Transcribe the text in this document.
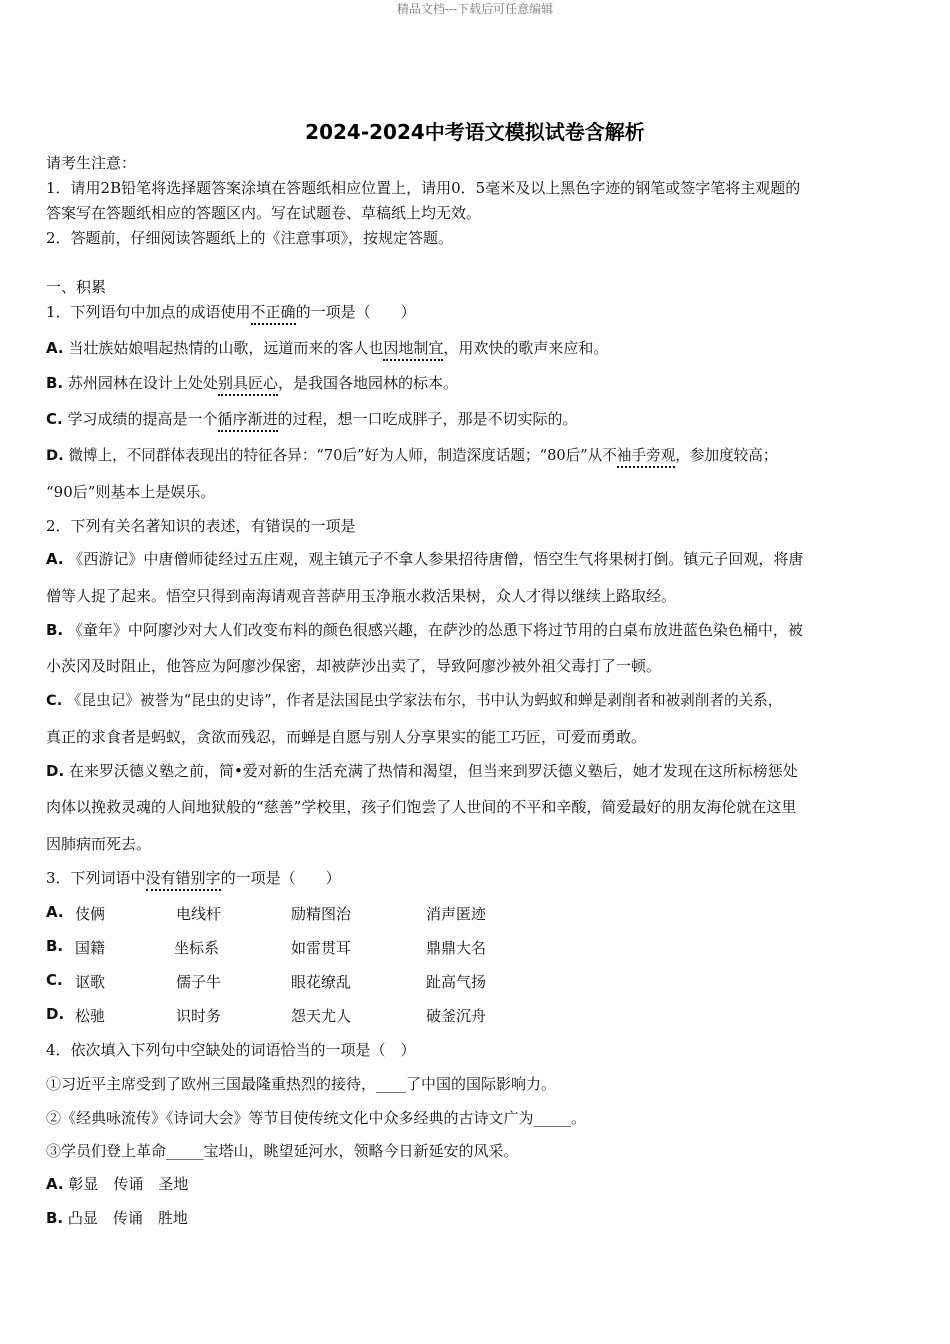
精品文档---下载后可任意编辑
2024-2024中考语文模拟试卷含解析
请考生注意：
1．请用2B铅笔将选择题答案涂填在答题纸相应位置上，请用0．5毫米及以上黑色字迹的钢笔或签字笔将主观题的
答案写在答题纸相应的答题区内。写在试题卷、草稿纸上均无效。
2．答题前，仔细阅读答题纸上的《注意事项》，按规定答题。
一、积累
1．下列语句中加点的成语使用不正确的一项是（　　）
A. 当壮族姑娘唱起热情的山歌，远道而来的客人也因地制宜，用欢快的歌声来应和。
B. 苏州园林在设计上处处别具匠心，是我国各地园林的标本。
C. 学习成绩的提高是一个循序渐进的过程，想一口吃成胖子，那是不切实际的。
D. 微博上，不同群体表现出的特征各异：“70后”好为人师，制造深度话题；“80后”从不袖手旁观，参加度较高；
“90后”则基本上是娱乐。
2．下列有关名著知识的表述，有错误的一项是
A. 《西游记》中唐僧师徒经过五庄观，观主镇元子不拿人参果招待唐僧，悟空生气将果树打倒。镇元子回观，将唐
僧等人捉了起来。悟空只得到南海请观音菩萨用玉净瓶水救活果树，众人才得以继续上路取经。
B. 《童年》中阿廖沙对大人们改变布料的颜色很感兴趣，在萨沙的怂恿下将过节用的白桌布放进蓝色染色桶中，被
小茨冈及时阻止，他答应为阿廖沙保密，却被萨沙出卖了，导致阿廖沙被外祖父毒打了一顿。
C. 《昆虫记》被誉为“昆虫的史诗”，作者是法国昆虫学家法布尔，书中认为蚂蚁和蝉是剥削者和被剥削者的关系，
真正的求食者是蚂蚁，贪欲而残忍，而蝉是自愿与别人分享果实的能工巧匠，可爱而勇敢。
D. 在来罗沃德义塾之前，简•爱对新的生活充满了热情和渴望，但当来到罗沃德义塾后，她才发现在这所标榜惩处
肉体以挽救灵魂的人间地狱般的“慈善”学校里，孩子们饱尝了人世间的不平和辛酸，简爱最好的朋友海伦就在这里
因肺病而死去。
3．下列词语中没有错别字的一项是（　　）
A. 伎俩	电线杆	励精图治	消声匿迹
B. 国籍	坐标系	如雷贯耳	鼎鼎大名
C. 讴歌	儒子牛	眼花缭乱	趾高气扬
D. 松驰	识时务	怨天尤人	破釜沉舟
4．依次填入下列句中空缺处的词语恰当的一项是（　）
①习近平主席受到了欧州三国最隆重热烈的接待，____了中国的国际影响力。
②《经典咏流传》《诗词大会》等节目使传统文化中众多经典的古诗文广为_____。
③学员们登上革命_____宝塔山，眺望延河水，领略今日新延安的风采。
A. 彰显　传诵　圣地
B. 凸显　传诵　胜地
